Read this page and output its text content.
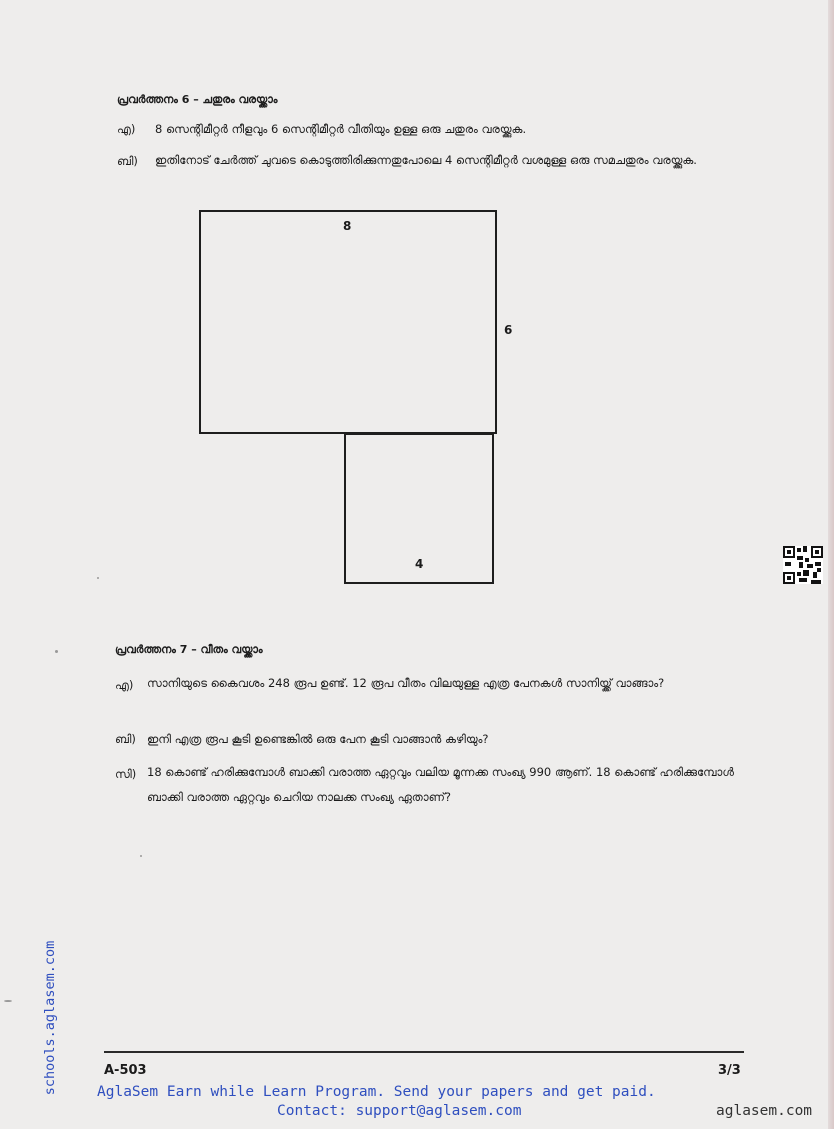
പ്രവർത്തനം 6 – ചതുരം വരയ്ക്കാം
എ) 8 സെന്റിമീറ്റർ നീളവും 6 സെന്റിമീറ്റർ വീതിയും ഉള്ള ഒരു ചതുരം വരയ്ക്കുക.
ബി) ഇതിനോട് ചേർത്ത് ചുവടെ കൊടുത്തിരിക്കുന്നതുപോലെ 4 സെന്റിമീറ്റർ വശമുള്ള ഒരു സമചതുരം വരയ്ക്കുക.
8
6
4
പ്രവർത്തനം 7 – വീതം വയ്ക്കാം
എ) സാനിയുടെ കൈവശം 248 രൂപ ഉണ്ട്. 12 രൂപ വീതം വിലയുള്ള എത്ര പേനകൾ സാനിയ്ക്ക് വാങ്ങാം?
ബി) ഇനി എത്ര രൂപ കൂടി ഉണ്ടെങ്കിൽ ഒരു പേന കൂടി വാങ്ങാൻ കഴിയും?
സി) 18 കൊണ്ട് ഹരിക്കുമ്പോൾ ബാക്കി വരാത്ത ഏറ്റവും വലിയ മൂന്നക്ക സംഖ്യ 990 ആണ്. 18 കൊണ്ട് ഹരിക്കുമ്പോൾ ബാക്കി വരാത്ത ഏറ്റവും ചെറിയ നാലക്ക സംഖ്യ ഏതാണ്?
A-503	3/3
AglaSem Earn while Learn Program. Send your papers and get paid.
Contact: support@aglasem.com	aglasem.com
schools.aglasem.com
